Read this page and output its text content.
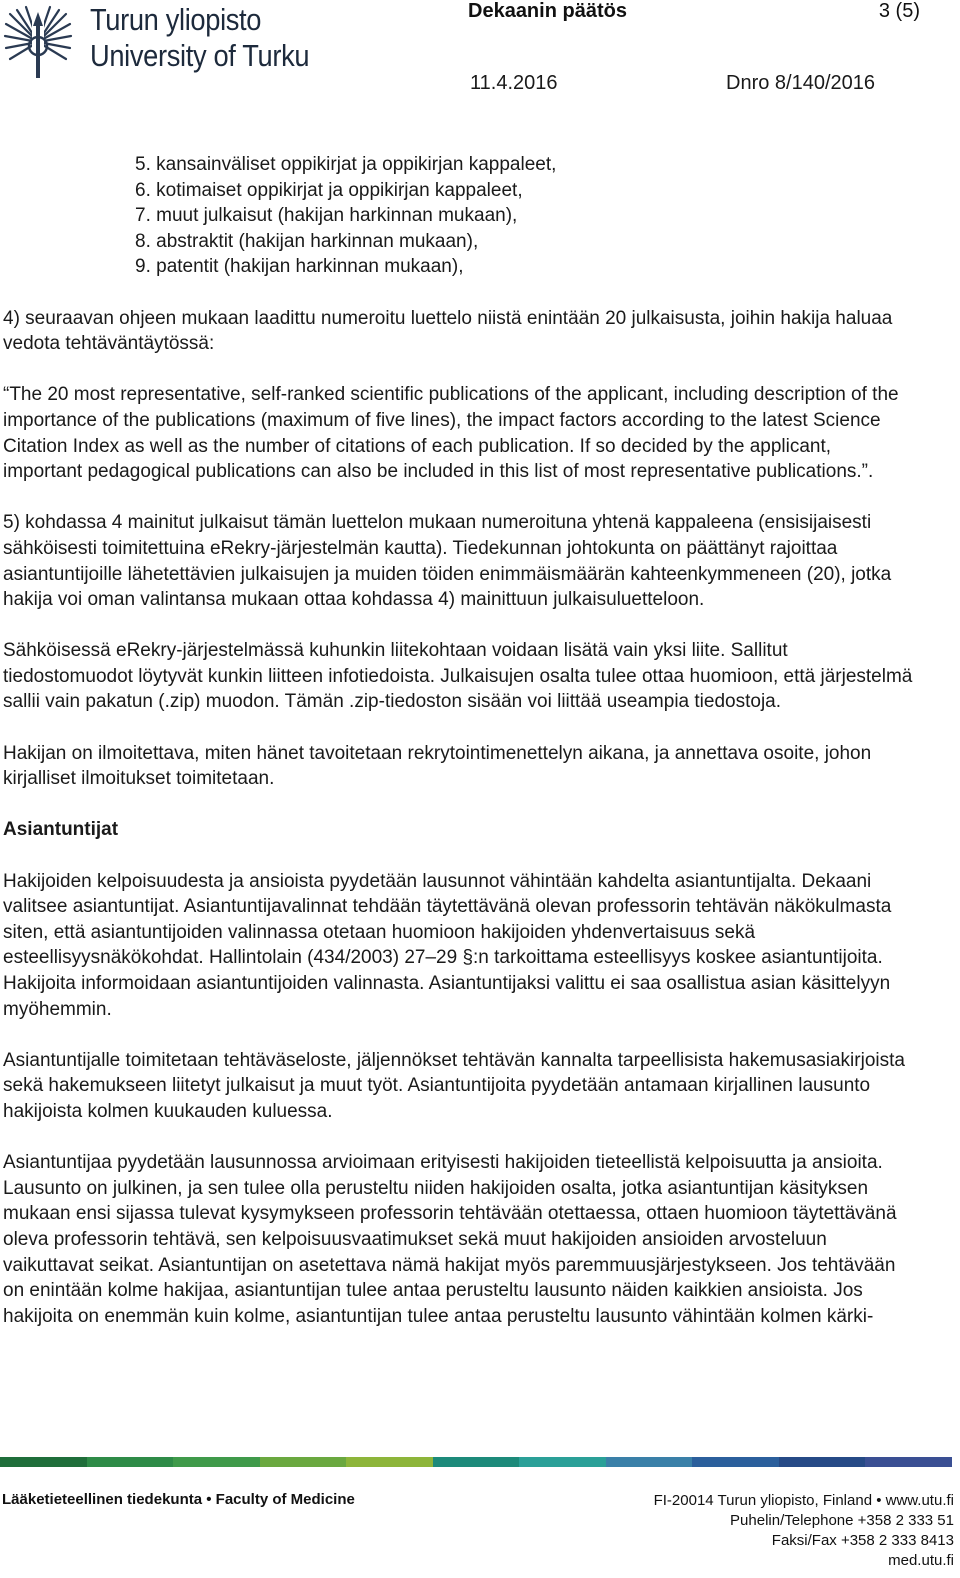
Turun yliopisto
University of Turku
Dekaanin päätös	3 (5)
11.4.2016	Dnro 8/140/2016
5. kansainväliset oppikirjat ja oppikirjan kappaleet,
6. kotimaiset oppikirjat ja oppikirjan kappaleet,
7. muut julkaisut (hakijan harkinnan mukaan),
8. abstraktit (hakijan harkinnan mukaan),
9. patentit (hakijan harkinnan mukaan),

4) seuraavan ohjeen mukaan laadittu numeroitu luettelo niistä enintään 20 julkaisusta, joihin hakija haluaa vedota tehtäväntäytössä:

“The 20 most representative, self-ranked scientific publications of the applicant, including description of the importance of the publications (maximum of five lines), the impact factors according to the latest Science Citation Index as well as the number of citations of each publication. If so decided by the applicant, important pedagogical publications can also be included in this list of most representative publications.”.

5) kohdassa 4 mainitut julkaisut tämän luettelon mukaan numeroituna yhtenä kappaleena (ensisijaisesti sähköisesti toimitettuina eRekry-järjestelmän kautta). Tiedekunnan johtokunta on päättänyt rajoittaa asiantuntijoille lähetettävien julkaisujen ja muiden töiden enimmäismäärän kahteenkymmeneen (20), jotka hakija voi oman valintansa mukaan ottaa kohdassa 4) mainittuun julkaisuluetteloon.

Sähköisessä eRekry-järjestelmässä kuhunkin liitekohtaan voidaan lisätä vain yksi liite. Sallitut tiedostomuodot löytyvät kunkin liitteen infotiedoista. Julkaisujen osalta tulee ottaa huomioon, että järjestelmä sallii vain pakatun (.zip) muodon. Tämän .zip-tiedoston sisään voi liittää useampia tiedostoja.

Hakijan on ilmoitettava, miten hänet tavoitetaan rekrytointimenettelyn aikana, ja annettava osoite, johon kirjalliset ilmoitukset toimitetaan.

Asiantuntijat

Hakijoiden kelpoisuudesta ja ansioista pyydetään lausunnot vähintään kahdelta asiantuntijalta. Dekaani valitsee asiantuntijat. Asiantuntijavalinnat tehdään täytettävänä olevan professorin tehtävän näkökulmasta siten, että asiantuntijoiden valinnassa otetaan huomioon hakijoiden yhdenvertaisuus sekä esteellisyysnäkökohdat. Hallintolain (434/2003) 27–29 §:n tarkoittama esteellisyys koskee asiantuntijoita. Hakijoita informoidaan asiantuntijoiden valinnasta. Asiantuntijaksi valittu ei saa osallistua asian käsittelyyn myöhemmin.

Asiantuntijalle toimitetaan tehtäväseloste, jäljennökset tehtävän kannalta tarpeellisista hakemusasiakirjoista sekä hakemukseen liitetyt julkaisut ja muut työt. Asiantuntijoita pyydetään antamaan kirjallinen lausunto hakijoista kolmen kuukauden kuluessa.

Asiantuntijaa pyydetään lausunnossa arvioimaan erityisesti hakijoiden tieteellistä kelpoisuutta ja ansioita. Lausunto on julkinen, ja sen tulee olla perusteltu niiden hakijoiden osalta, jotka asiantuntijan käsityksen mukaan ensi sijassa tulevat kysymykseen professorin tehtävään otettaessa, ottaen huomioon täytettävänä oleva professorin tehtävä, sen kelpoisuusvaatimukset sekä muut hakijoiden ansioiden arvosteluun vaikuttavat seikat. Asiantuntijan on asetettava nämä hakijat myös paremmuusjärjestykseen. Jos tehtävään on enintään kolme hakijaa, asiantuntijan tulee antaa perusteltu lausunto näiden kaikkien ansioista. Jos hakijoita on enemmän kuin kolme, asiantuntijan tulee antaa perusteltu lausunto vähintään kolmen kärki-

Lääketieteellinen tiedekunta • Faculty of Medicine	FI-20014 Turun yliopisto, Finland • www.utu.fi
Puhelin/Telephone +358 2 333 51
Faksi/Fax +358 2 333 8413
med.utu.fi
